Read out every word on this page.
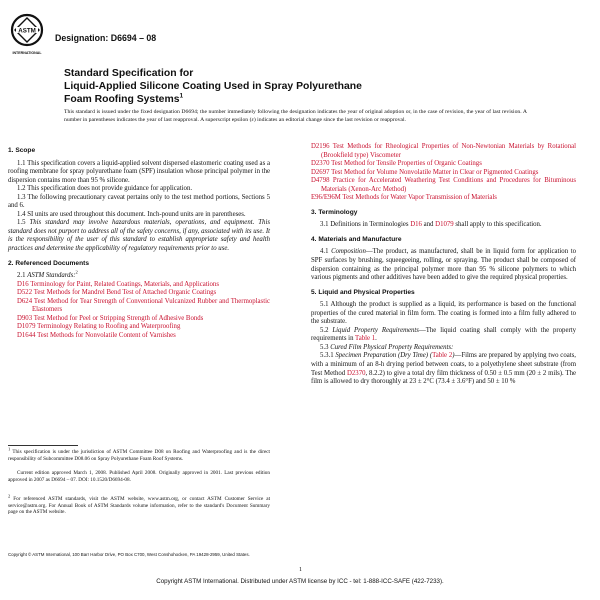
ASTM
INTERNATIONAL
Designation: D6694 – 08
Standard Specification for
Liquid-Applied Silicone Coating Used in Spray Polyurethane
Foam Roofing Systems$^1$
This standard is issued under the fixed designation D6694; the number immediately following the designation indicates the year of original adoption or, in the case of revision, the year of last revision. A number in parentheses indicates the year of last reapproval. A superscript epsilon (ε) indicates an editorial change since the last revision or reapproval.
1. Scope

1.1 This specification covers a liquid-applied solvent dispersed elastomeric coating used as a roofing membrane for spray polyurethane foam (SPF) insulation whose principal polymer in the dispersion contains more than 95 % silicone.

1.2 This specification does not provide guidance for application.

1.3 The following precautionary caveat pertains only to the test method portions, Sections 5 and 6.

1.4 SI units are used throughout this document. Inch-pound units are in parentheses.

1.5 This standard may involve hazardous materials, operations, and equipment. This standard does not purport to address all of the safety concerns, if any, associated with its use. It is the responsibility of the user of this standard to establish appropriate safety and health practices and determine the applicability of regulatory requirements prior to use.

2. Referenced Documents

2.1 ASTM Standards:$^2$

D16 Terminology for Paint, Related Coatings, Materials, and Applications

D522 Test Methods for Mandrel Bend Test of Attached Organic Coatings

D624 Test Method for Tear Strength of Conventional Vulcanized Rubber and Thermoplastic Elastomers

D903 Test Method for Peel or Stripping Strength of Adhesive Bonds

D1079 Terminology Relating to Roofing and Waterproofing

D1644 Test Methods for Nonvolatile Content of Varnishes

$^1$ This specification is under the jurisdiction of ASTM Committee D08 on Roofing and Waterproofing and is the direct responsibility of Subcommittee D08.06 on Spray Polyurethane Foam Roof Systems.
Current edition approved March 1, 2008. Published April 2008. Originally approved in 2001. Last previous edition approved in 2007 as D6694 – 07. DOI: 10.1520/D6694-08.
$^2$ For referenced ASTM standards, visit the ASTM website, www.astm.org, or contact ASTM Customer Service at service@astm.org. For Annual Book of ASTM Standards volume information, refer to the standard's Document Summary page on the ASTM website.

D2196 Test Methods for Rheological Properties of Non-Newtonian Materials by Rotational (Brookfield type) Viscometer

D2370 Test Method for Tensile Properties of Organic Coatings

D2697 Test Method for Volume Nonvolatile Matter in Clear or Pigmented Coatings

D4798 Practice for Accelerated Weathering Test Conditions and Procedures for Bituminous Materials (Xenon-Arc Method)

E96/E96M Test Methods for Water Vapor Transmission of Materials

3. Terminology

3.1 Definitions in Terminologies D16 and D1079 shall apply to this specification.

4. Materials and Manufacture

4.1 Composition—The product, as manufactured, shall be in liquid form for application to SPF surfaces by brushing, squeegeeing, rolling, or spraying. The product shall be composed of dispersion containing as the principal polymer more than 95 % silicone polymers to which various pigments and other additives have been added to give the required physical properties.

5. Liquid and Physical Properties

5.1 Although the product is supplied as a liquid, its performance is based on the functional properties of the cured material in film form. The coating is formed into a film fully adhered to the substrate.

5.2 Liquid Property Requirements—The liquid coating shall comply with the property requirements in Table 1.

5.3 Cured Film Physical Property Requirements:

5.3.1 Specimen Preparation (Dry Time) (Table 2)—Films are prepared by applying two coats, with a minimum of an 8-h drying period between coats, to a polyethylene sheet substrate (from Test Method D2370, 8.2.2) to give a total dry film thickness of 0.50 ± 0.5 mm (20 ± 2 mils). The film is allowed to dry thoroughly at 23 ± 2°C (73.4 ± 3.6°F) and 50 ± 10 %

Copyright © ASTM International, 100 Barr Harbor Drive, PO Box C700, West Conshohocken, PA 19428-2959, United States.
1
Copyright ASTM International. Distributed under ASTM license by ICC - tel: 1-888-ICC-SAFE (422-7233).
